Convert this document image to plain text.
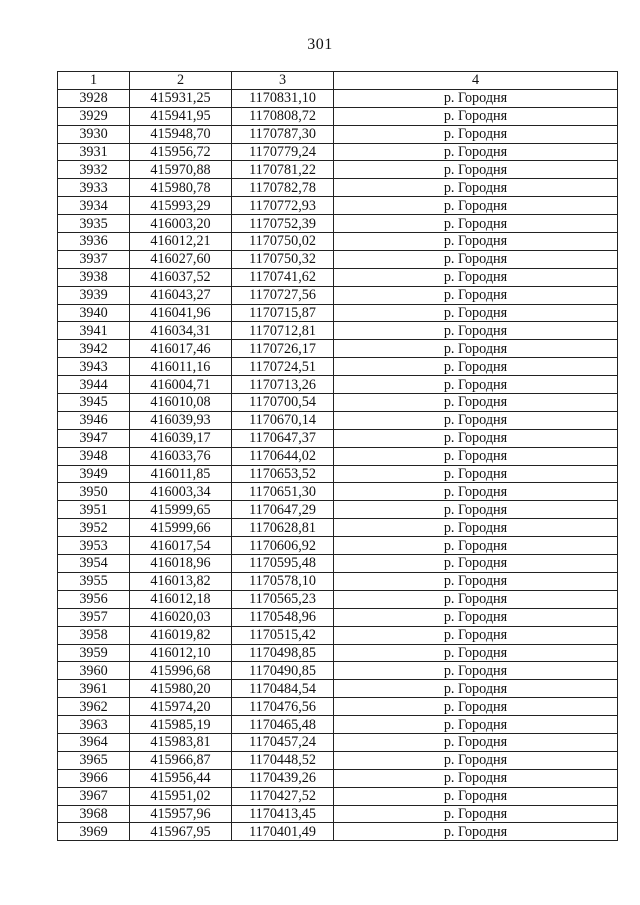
301
1	2	3	4
3928	415931,25	1170831,10	р. Городня
3929	415941,95	1170808,72	р. Городня
3930	415948,70	1170787,30	р. Городня
3931	415956,72	1170779,24	р. Городня
3932	415970,88	1170781,22	р. Городня
3933	415980,78	1170782,78	р. Городня
3934	415993,29	1170772,93	р. Городня
3935	416003,20	1170752,39	р. Городня
3936	416012,21	1170750,02	р. Городня
3937	416027,60	1170750,32	р. Городня
3938	416037,52	1170741,62	р. Городня
3939	416043,27	1170727,56	р. Городня
3940	416041,96	1170715,87	р. Городня
3941	416034,31	1170712,81	р. Городня
3942	416017,46	1170726,17	р. Городня
3943	416011,16	1170724,51	р. Городня
3944	416004,71	1170713,26	р. Городня
3945	416010,08	1170700,54	р. Городня
3946	416039,93	1170670,14	р. Городня
3947	416039,17	1170647,37	р. Городня
3948	416033,76	1170644,02	р. Городня
3949	416011,85	1170653,52	р. Городня
3950	416003,34	1170651,30	р. Городня
3951	415999,65	1170647,29	р. Городня
3952	415999,66	1170628,81	р. Городня
3953	416017,54	1170606,92	р. Городня
3954	416018,96	1170595,48	р. Городня
3955	416013,82	1170578,10	р. Городня
3956	416012,18	1170565,23	р. Городня
3957	416020,03	1170548,96	р. Городня
3958	416019,82	1170515,42	р. Городня
3959	416012,10	1170498,85	р. Городня
3960	415996,68	1170490,85	р. Городня
3961	415980,20	1170484,54	р. Городня
3962	415974,20	1170476,56	р. Городня
3963	415985,19	1170465,48	р. Городня
3964	415983,81	1170457,24	р. Городня
3965	415966,87	1170448,52	р. Городня
3966	415956,44	1170439,26	р. Городня
3967	415951,02	1170427,52	р. Городня
3968	415957,96	1170413,45	р. Городня
3969	415967,95	1170401,49	р. Городня
